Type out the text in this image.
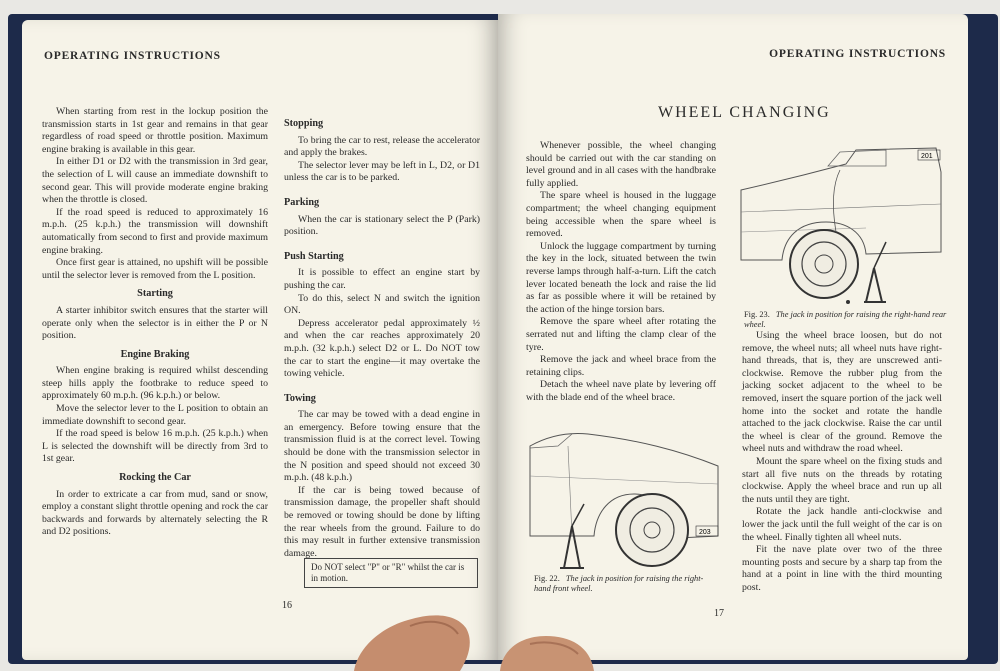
OPERATING INSTRUCTIONS

When starting from rest in the lockup position the transmission starts in 1st gear and remains in that gear regardless of road speed or throttle position. Maximum engine braking is available in this gear.

In either D1 or D2 with the transmission in 3rd gear, the selection of L will cause an immediate downshift to second gear. This will provide moderate engine braking when the throttle is closed.

If the road speed is reduced to approximately 16 m.p.h. (25 k.p.h.) the transmission will downshift automatically from second to first and provide maximum engine braking.

Once first gear is attained, no upshift will be possible until the selector lever is removed from the L position.

Starting

A starter inhibitor switch ensures that the starter will operate only when the selector is in either the P or N position.

Engine Braking

When engine braking is required whilst descending steep hills apply the footbrake to reduce speed to approximately 60 m.p.h. (96 k.p.h.) or below.

Move the selector lever to the L position to obtain an immediate downshift to second gear.

If the road speed is below 16 m.p.h. (25 k.p.h.) when L is selected the downshift will be directly from 3rd to 1st gear.

Rocking the Car

In order to extricate a car from mud, sand or snow, employ a constant slight throttle opening and rock the car backwards and forwards by alternately selecting the R and D2 positions.

Stopping

To bring the car to rest, release the accelerator and apply the brakes.

The selector lever may be left in L, D2, or D1 unless the car is to be parked.

Parking

When the car is stationary select the P (Park) position.

Push Starting

It is possible to effect an engine start by pushing the car.

To do this, select N and switch the ignition ON.

Depress accelerator pedal approximately ½ and when the car reaches approximately 20 m.p.h. (32 k.p.h.) select D2 or L. Do NOT tow the car to start the engine—it may overtake the towing vehicle.

Towing

The car may be towed with a dead engine in an emergency. Before towing ensure that the transmission fluid is at the correct level. Towing should be done with the transmission selector in the N position and speed should not exceed 30 m.p.h. (48 k.p.h.)

If the car is being towed because of transmission damage, the propeller shaft should be removed or towing should be done by lifting the rear wheels from the ground. Failure to do this may result in further extensive transmission damage.

Do NOT select "P" or "R" whilst the car is in motion.
16
OPERATING INSTRUCTIONS
WHEEL CHANGING

Whenever possible, the wheel changing should be carried out with the car standing on level ground and in all cases with the handbrake fully applied.

The spare wheel is housed in the luggage compartment; the wheel changing equipment being accessible when the spare wheel is removed.

Unlock the luggage compartment by turning the key in the lock, situated between the twin reverse lamps through half-a-turn. Lift the catch lever located beneath the lock and raise the lid as far as possible where it will be retained by the action of the hinge torsion bars.

Remove the spare wheel after rotating the serrated nut and lifting the clamp clear of the tyre.

Remove the jack and wheel brace from the retaining clips.

Detach the wheel nave plate by levering off with the blade end of the wheel brace.

201
Fig. 23. The jack in position for raising the right-hand rear wheel.

Using the wheel brace loosen, but do not remove, the wheel nuts; all wheel nuts have right-hand threads, that is, they are unscrewed anti-clockwise. Remove the rubber plug from the jacking socket adjacent to the wheel to be removed, insert the square portion of the jack well home into the socket and rotate the handle attached to the jack clockwise. Raise the car until the wheel is clear of the ground. Remove the wheel nuts and withdraw the road wheel.

Mount the spare wheel on the fixing studs and start all five nuts on the threads by rotating clockwise. Apply the wheel brace and run up all the nuts until they are tight.

Rotate the jack handle anti-clockwise and lower the jack until the full weight of the car is on the wheel. Finally tighten all wheel nuts.

Fit the nave plate over two of the three mounting posts and secure by a sharp tap from the hand at a point in line with the third mounting post.

203
Fig. 22. The jack in position for raising the right-hand front wheel.
17
